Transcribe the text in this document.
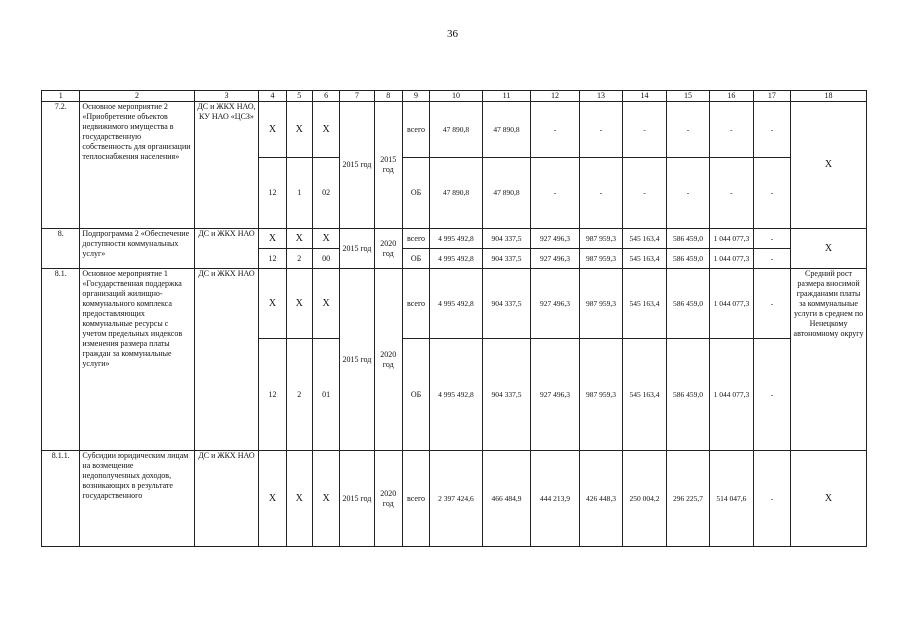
36
1	2	3	4	5	6	7	8	9	10	11	12	13	14	15	16	17	18
7.2.	Основное мероприятие 2 «Приобретение объектов недвижимого имущества в государственную собственность для организации теплоснабжения населения»	ДС и ЖКХ НАО, КУ НАО «ЦСЗ»	X	X	X	2015 год	2015 год	всего	47 890,8	47 890,8	-	-	-	-	-	-	X
			12	1	02			ОБ	47 890,8	47 890,8	-	-	-	-	-	-	
8.	Подпрограмма 2 «Обеспечение доступности коммунальных услуг»	ДС и ЖКХ НАО	X	X	X	2015 год	2020 год	всего	4 995 492,8	904 337,5	927 496,3	987 959,3	545 163,4	586 459,0	1 044 077,3	-	X
			12	2	00			ОБ	4 995 492,8	904 337,5	927 496,3	987 959,3	545 163,4	586 459,0	1 044 077,3	-	
8.1.	Основное мероприятие 1 «Государственная поддержка организаций жилищно-коммунального комплекса предоставляющих коммунальные ресурсы с учетом предельных индексов изменения размера платы граждан за коммунальные услуги»	ДС и ЖКХ НАО	X	X	X	2015 год	2020 год	всего	4 995 492,8	904 337,5	927 496,3	987 959,3	545 163,4	586 459,0	1 044 077,3	-	Средний рост размера вносимой гражданами платы за коммунальные услуги в среднем по Ненецкому автономному округу
			12	2	01			ОБ	4 995 492,8	904 337,5	927 496,3	987 959,3	545 163,4	586 459,0	1 044 077,3	-	
8.1.1.	Субсидии юридическим лицам на возмещение недополученных доходов, возникающих в результате государственного	ДС и ЖКХ НАО	X	X	X	2015 год	2020 год	всего	2 397 424,6	466 484,9	444 213,9	426 448,3	250 004,2	296 225,7	514 047,6	-	X
